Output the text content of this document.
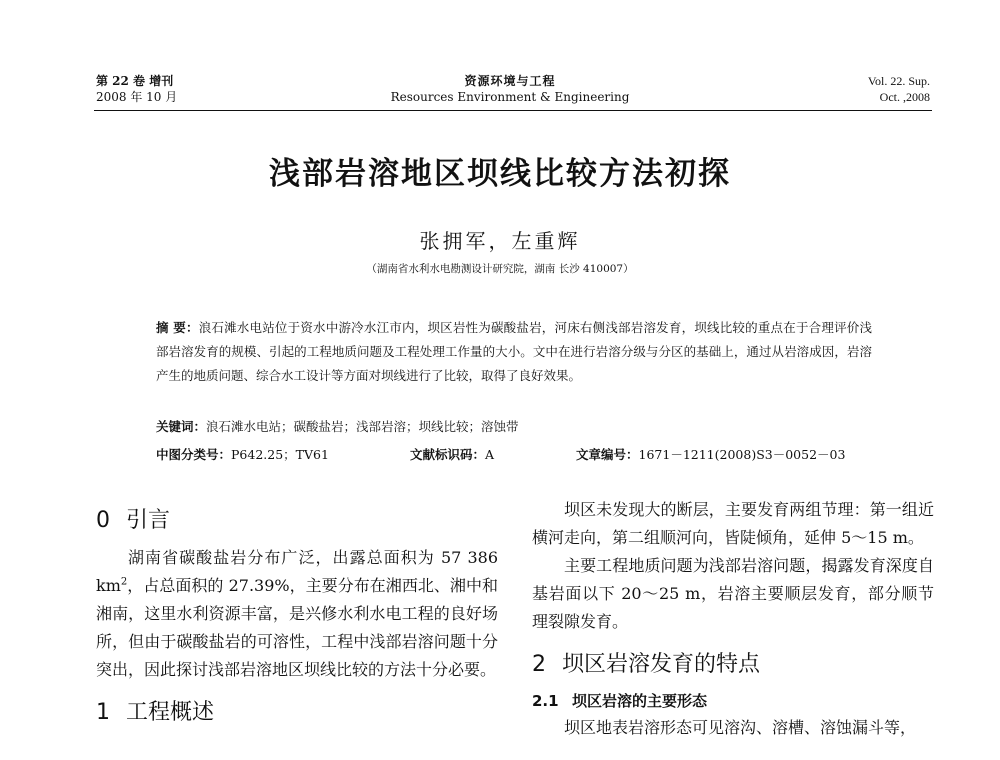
第 22 卷 增刊
2008 年 10 月
资源环境与工程
Resources Environment & Engineering
Vol. 22. Sup.
Oct. ,2008
浅部岩溶地区坝线比较方法初探
张拥军，左重辉
（湖南省水利水电勘测设计研究院，湖南 长沙 410007）
摘 要：浪石滩水电站位于资水中游冷水江市内，坝区岩性为碳酸盐岩，河床右侧浅部岩溶发育，坝线比较的重点在于合理评价浅部岩溶发育的规模、引起的工程地质问题及工程处理工作量的大小。文中在进行岩溶分级与分区的基础上，通过从岩溶成因，岩溶产生的地质问题、综合水工设计等方面对坝线进行了比较，取得了良好效果。
关键词：浪石滩水电站；碳酸盐岩；浅部岩溶；坝线比较；溶蚀带
中图分类号：P642.25；TV61	文献标识码：A	文章编号：1671－1211(2008)S3－0052－03
0 引言

湖南省碳酸盐岩分布广泛，出露总面积为 57 386 $km^2$，占总面积的 27.39%，主要分布在湘西北、湘中和湘南，这里水利资源丰富，是兴修水利水电工程的良好场所，但由于碳酸盐岩的可溶性，工程中浅部岩溶问题十分突出，因此探讨浅部岩溶地区坝线比较的方法十分必要。

1 工程概述

坝区未发现大的断层，主要发育两组节理：第一组近横河走向，第二组顺河向，皆陡倾角，延伸 5～15 m。

主要工程地质问题为浅部岩溶问题，揭露发育深度自基岩面以下 20～25 m，岩溶主要顺层发育，部分顺节理裂隙发育。

2 坝区岩溶发育的特点
2.1 坝区岩溶的主要形态

坝区地表岩溶形态可见溶沟、溶槽、溶蚀漏斗等，
